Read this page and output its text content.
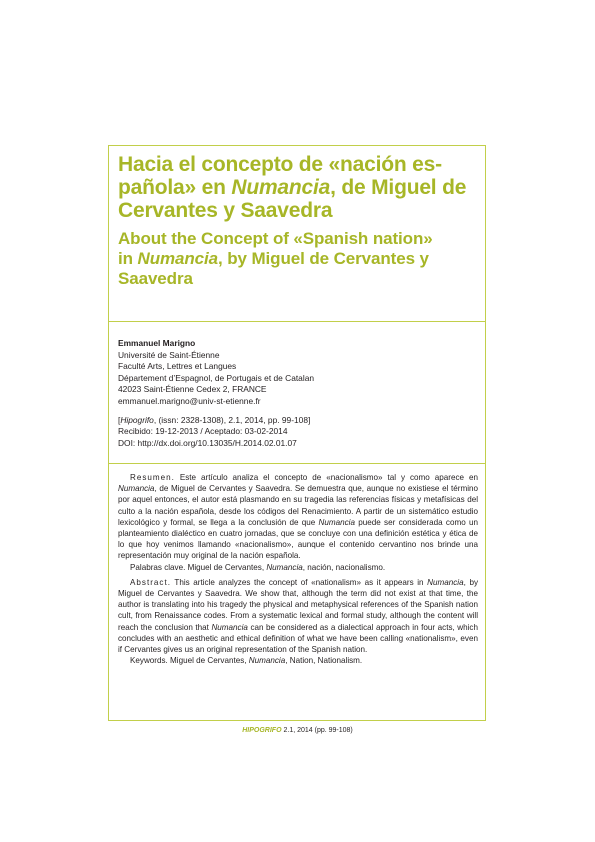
Hacia el concepto de «nación es-
pañola» en Numancia, de Miguel de
Cervantes y Saavedra
About the Concept of «Spanish nation»
in Numancia, by Miguel de Cervantes y
Saavedra
Emmanuel Marigno
Université de Saint-Étienne
Faculté Arts, Lettres et Langues
Département d’Espagnol, de Portugais et de Catalan
42023 Saint-Étienne Cedex 2, FRANCE
emmanuel.marigno@univ-st-etienne.fr
[Hipogrifo, (issn: 2328-1308), 2.1, 2014, pp. 99-108]
Recibido: 19-12-2013 / Aceptado: 03-02-2014
DOI: http://dx.doi.org/10.13035/H.2014.02.01.07

Resumen. Este artículo analiza el concepto de «nacionalismo» tal y como aparece en Numancia, de Miguel de Cervantes y Saavedra. Se demuestra que, aunque no existiese el término por aquel entonces, el autor está plasmando en su tragedia las referencias físicas y metafísicas del culto a la nación española, desde los códigos del Renacimiento. A partir de un sistemático estudio lexicológico y formal, se llega a la conclusión de que Numancia puede ser considerada como un planteamiento dialéctico en cuatro jornadas, que se concluye con una definición estética y ética de lo que hoy venimos llamando «nacionalismo», aunque el contenido cervantino nos brinde una representación muy original de la nación española.

Palabras clave. Miguel de Cervantes, Numancia, nación, nacionalismo.

Abstract. This article analyzes the concept of «nationalism» as it appears in Numancia, by Miguel de Cervantes y Saavedra. We show that, although the term did not exist at that time, the author is translating into his tragedy the physical and metaphysical references of the Spanish nation cult, from Renaissance codes. From a systematic lexical and formal study, although the content will reach the conclusion that Numancia can be considered as a dialectical approach in four acts, which concludes with an aesthetic and ethical definition of what we have been calling «nationalism», even if Cervantes gives us an original representation of the Spanish nation.

Keywords. Miguel de Cervantes, Numancia, Nation, Nationalism.

HIPOGRIFO 2.1, 2014 (pp. 99-108)
